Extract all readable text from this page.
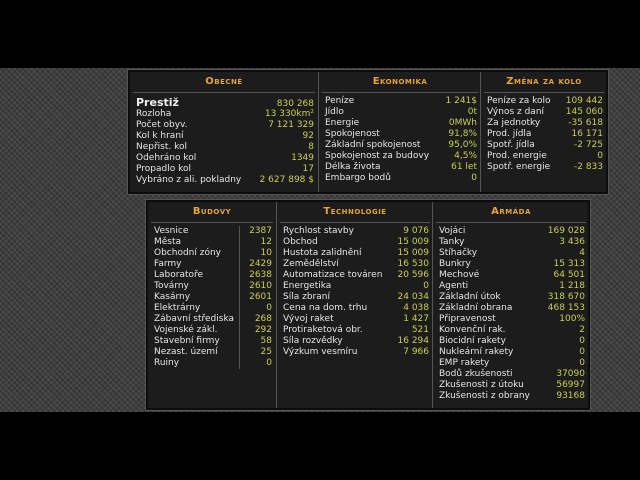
Obecné
Prestiž	830 268
Rozloha	13 330km²
Počet obyv.	7 121 329
Kol k hraní	92
Nepřist. kol	8
Odehráno kol	1349
Propadlo kol	17
Vybráno z ali. pokladny 2 627 898 $
Ekonomika
Peníze	1 241$
Jídlo	0t
Energie	0MWh
Spokojenost	91,8%
Základní spokojenost	95,0%
Spokojenost za budovy	4,5%
Délka života	61 let
Embargo bodů	0
Změna za kolo
Peníze za kolo 109 442
Výnos z daní 145 060
Za jednotky	-35 618
Prod. jídla	16 171
Spotř. jídla	-2 725
Prod. energie	0
Spotř. energie	-2 833
Budovy
Vesnice	2387
Města	12
Obchodní zóny	10
Farmy	2429
Laboratoře	2638
Továrny	2610
Kasárny	2601
Elektrárny	0
Zábavní střediska	268
Vojenské zákl.	292
Stavební firmy	58
Nezast. území	25
Ruiny	0
Technologie
Rychlost stavby	9 076
Obchod	15 009
Hustota zalidnění	15 009
Zemědělství	16 530
Automatizace továren 20 596
Energetika	0
Síla zbraní	24 034
Cena na dom. trhu	4 038
Vývoj raket	1 427
Protiraketová obr.	521
Síla rozvědky	16 294
Výzkum vesmíru	7 966
Armáda
Vojáci	169 028
Tanky	3 436
Stíhačky	4
Bunkry	15 313
Mechové	64 501
Agenti	1 218
Základní útok	318 670
Základní obrana	468 153
Připravenost	100%
Konvenční rak.	2
Biocidní rakety	0
Nukleární rakety	0
EMP rakety	0
Bodů zkušenosti	37090
Zkušenosti z útoku	56997
Zkušenosti z obrany	93168
